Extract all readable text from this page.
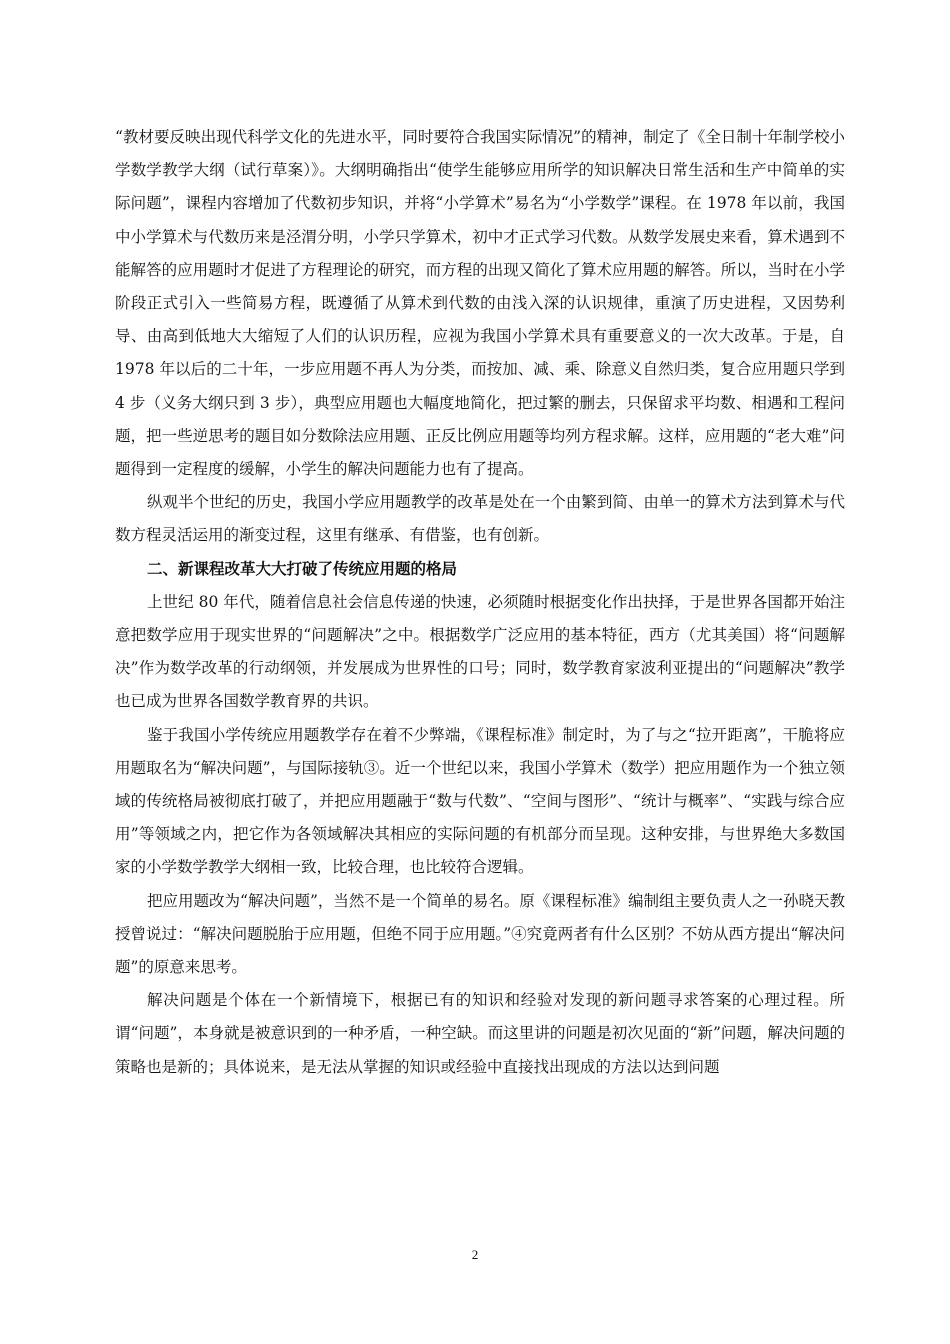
“教材要反映出现代科学文化的先进水平，同时要符合我国实际情况”的精神，制定了《全日制十年制学校小学数学教学大纲（试行草案）》。大纲明确指出“使学生能够应用所学的知识解决日常生活和生产中简单的实际问题”，课程内容增加了代数初步知识，并将“小学算术”易名为“小学数学”课程。在 1978 年以前，我国中小学算术与代数历来是泾渭分明，小学只学算术，初中才正式学习代数。从数学发展史来看，算术遇到不能解答的应用题时才促进了方程理论的研究，而方程的出现又简化了算术应用题的解答。所以，当时在小学阶段正式引入一些简易方程，既遵循了从算术到代数的由浅入深的认识规律，重演了历史进程，又因势利导、由高到低地大大缩短了人们的认识历程，应视为我国小学算术具有重要意义的一次大改革。于是，自 1978 年以后的二十年，一步应用题不再人为分类，而按加、减、乘、除意义自然归类，复合应用题只学到 4 步（义务大纲只到 3 步），典型应用题也大幅度地简化，把过繁的删去，只保留求平均数、相遇和工程问题，把一些逆思考的题目如分数除法应用题、正反比例应用题等均列方程求解。这样，应用题的“老大难”问题得到一定程度的缓解，小学生的解决问题能力也有了提高。

纵观半个世纪的历史，我国小学应用题教学的改革是处在一个由繁到简、由单一的算术方法到算术与代数方程灵活运用的渐变过程，这里有继承、有借鉴，也有创新。

二、新课程改革大大打破了传统应用题的格局

上世纪 80 年代，随着信息社会信息传递的快速，必须随时根据变化作出抉择，于是世界各国都开始注意把数学应用于现实世界的“问题解决”之中。根据数学广泛应用的基本特征，西方（尤其美国）将“问题解决”作为数学改革的行动纲领，并发展成为世界性的口号；同时，数学教育家波利亚提出的“问题解决”教学也已成为世界各国数学教育界的共识。

鉴于我国小学传统应用题教学存在着不少弊端，《课程标准》制定时，为了与之“拉开距离”，干脆将应用题取名为“解决问题”，与国际接轨③。近一个世纪以来，我国小学算术（数学）把应用题作为一个独立领域的传统格局被彻底打破了，并把应用题融于“数与代数”、“空间与图形”、“统计与概率”、“实践与综合应用”等领域之内，把它作为各领域解决其相应的实际问题的有机部分而呈现。这种安排，与世界绝大多数国家的小学数学教学大纲相一致，比较合理，也比较符合逻辑。

把应用题改为“解决问题”，当然不是一个简单的易名。原《课程标准》编制组主要负责人之一孙晓天教授曾说过：“解决问题脱胎于应用题，但绝不同于应用题。”④究竟两者有什么区别？不妨从西方提出“解决问题”的原意来思考。

解决问题是个体在一个新情境下，根据已有的知识和经验对发现的新问题寻求答案的心理过程。所谓“问题”，本身就是被意识到的一种矛盾，一种空缺。而这里讲的问题是初次见面的“新”问题，解决问题的策略也是新的；具体说来，是无法从掌握的知识或经验中直接找出现成的方法以达到问题

2
